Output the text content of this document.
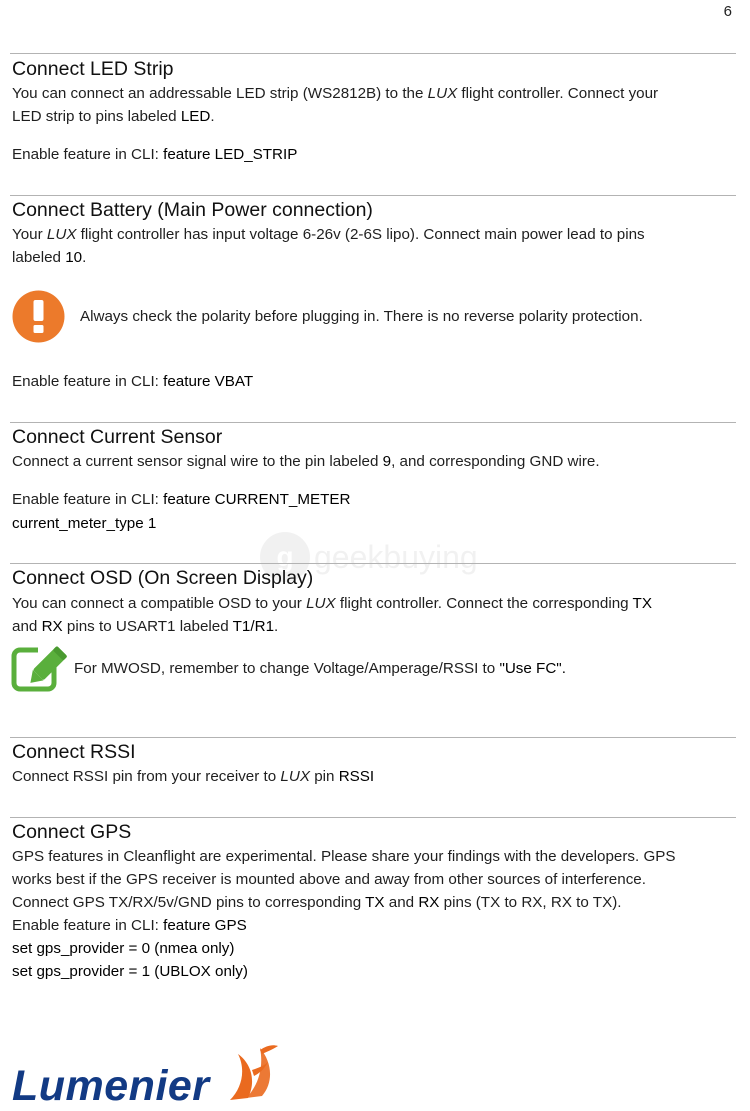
6
Connect LED Strip
You can connect an addressable LED strip (WS2812B) to the LUX flight controller. Connect your
LED strip to pins labeled LED.
Enable feature in CLI: feature LED_STRIP
Connect Battery (Main Power connection)
Your LUX flight controller has input voltage 6-26v (2-6S lipo). Connect main power lead to pins
labeled 10.
Always check the polarity before plugging in. There is no reverse polarity protection.
Enable feature in CLI: feature VBAT
Connect Current Sensor
Connect a current sensor signal wire to the pin labeled 9, and corresponding GND wire.
Enable feature in CLI: feature CURRENT_METER
current_meter_type 1
g geekbuying
Connect OSD (On Screen Display)
You can connect a compatible OSD to your LUX flight controller. Connect the corresponding TX
and RX pins to USART1 labeled T1/R1.
For MWOSD, remember to change Voltage/Amperage/RSSI to "Use FC".
Connect RSSI
Connect RSSI pin from your receiver to LUX pin RSSI
Connect GPS
GPS features in Cleanflight are experimental. Please share your findings with the developers. GPS
works best if the GPS receiver is mounted above and away from other sources of interference.
Connect GPS TX/RX/5v/GND pins to corresponding TX and RX pins (TX to RX, RX to TX).
Enable feature in CLI: feature GPS
set gps_provider = 0 (nmea only)
set gps_provider = 1 (UBLOX only)
Lumenier
